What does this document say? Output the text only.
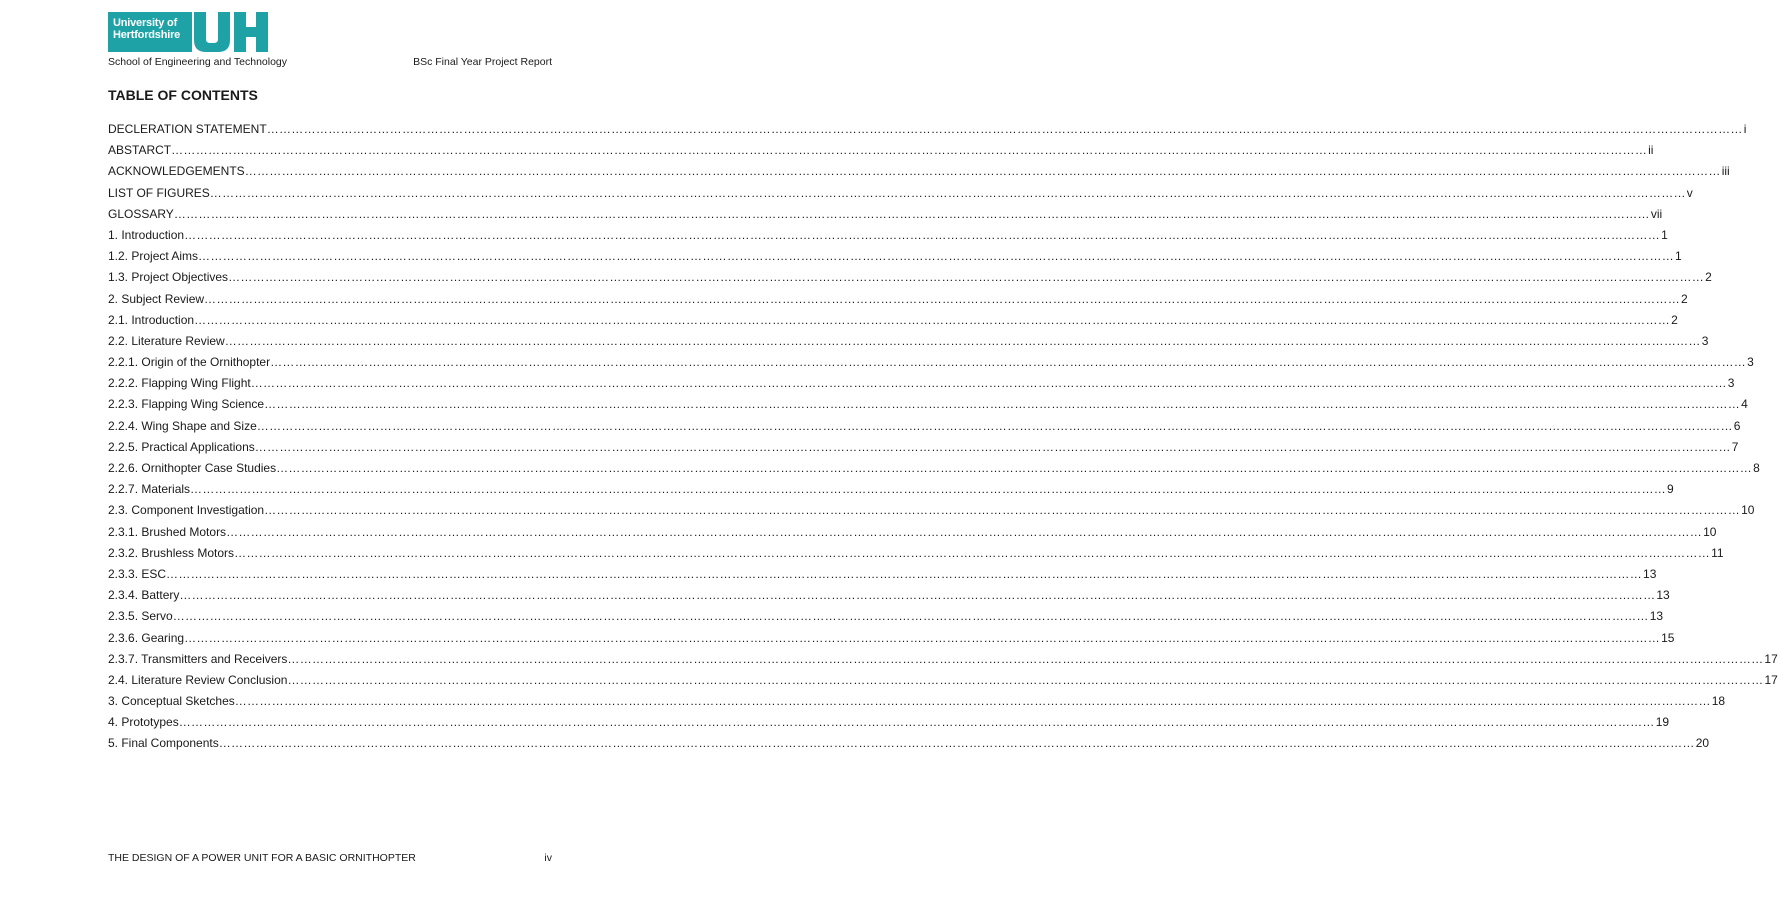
University of
Hertfordshire
School of Engineering and Technology	BSc Final Year Project Report
TABLE OF CONTENTS
DECLERATION STATEMENT ……………………………………………………………………………………………………………………………………………………………………………………………………………………………………………………………………………………………………………………………… i
ABSTARCT ……………………………………………………………………………………………………………………………………………………………………………………………………………………………………………………………………………………………………………………………… ii
ACKNOWLEDGEMENTS ……………………………………………………………………………………………………………………………………………………………………………………………………………………………………………………………………………………………………………………………… iii
LIST OF FIGURES ……………………………………………………………………………………………………………………………………………………………………………………………………………………………………………………………………………………………………………………………… v
GLOSSARY ……………………………………………………………………………………………………………………………………………………………………………………………………………………………………………………………………………………………………………………………… vii
1. Introduction ……………………………………………………………………………………………………………………………………………………………………………………………………………………………………………………………………………………………………………………………… 1
1.2. Project Aims ……………………………………………………………………………………………………………………………………………………………………………………………………………………………………………………………………………………………………………………………… 1
1.3. Project Objectives ……………………………………………………………………………………………………………………………………………………………………………………………………………………………………………………………………………………………………………………………… 2
2. Subject Review ……………………………………………………………………………………………………………………………………………………………………………………………………………………………………………………………………………………………………………………………… 2
2.1. Introduction ……………………………………………………………………………………………………………………………………………………………………………………………………………………………………………………………………………………………………………………………… 2
2.2. Literature Review ……………………………………………………………………………………………………………………………………………………………………………………………………………………………………………………………………………………………………………………………… 3
2.2.1. Origin of the Ornithopter ……………………………………………………………………………………………………………………………………………………………………………………………………………………………………………………………………………………………………………………………… 3
2.2.2. Flapping Wing Flight ……………………………………………………………………………………………………………………………………………………………………………………………………………………………………………………………………………………………………………………………… 3
2.2.3. Flapping Wing Science ……………………………………………………………………………………………………………………………………………………………………………………………………………………………………………………………………………………………………………………………… 4
2.2.4. Wing Shape and Size ……………………………………………………………………………………………………………………………………………………………………………………………………………………………………………………………………………………………………………………………… 6
2.2.5. Practical Applications ……………………………………………………………………………………………………………………………………………………………………………………………………………………………………………………………………………………………………………………………… 7
2.2.6. Ornithopter Case Studies ……………………………………………………………………………………………………………………………………………………………………………………………………………………………………………………………………………………………………………………………… 8
2.2.7. Materials ……………………………………………………………………………………………………………………………………………………………………………………………………………………………………………………………………………………………………………………………… 9
2.3. Component Investigation ……………………………………………………………………………………………………………………………………………………………………………………………………………………………………………………………………………………………………………………………… 10
2.3.1. Brushed Motors ……………………………………………………………………………………………………………………………………………………………………………………………………………………………………………………………………………………………………………………………… 10
2.3.2. Brushless Motors ……………………………………………………………………………………………………………………………………………………………………………………………………………………………………………………………………………………………………………………………… 11
2.3.3. ESC ……………………………………………………………………………………………………………………………………………………………………………………………………………………………………………………………………………………………………………………………… 13
2.3.4. Battery ……………………………………………………………………………………………………………………………………………………………………………………………………………………………………………………………………………………………………………………………… 13
2.3.5. Servo ……………………………………………………………………………………………………………………………………………………………………………………………………………………………………………………………………………………………………………………………… 13
2.3.6. Gearing ……………………………………………………………………………………………………………………………………………………………………………………………………………………………………………………………………………………………………………………………… 15
2.3.7. Transmitters and Receivers ……………………………………………………………………………………………………………………………………………………………………………………………………………………………………………………………………………………………………………………………… 17
2.4. Literature Review Conclusion ……………………………………………………………………………………………………………………………………………………………………………………………………………………………………………………………………………………………………………………………… 17
3. Conceptual Sketches ……………………………………………………………………………………………………………………………………………………………………………………………………………………………………………………………………………………………………………………………… 18
4. Prototypes ……………………………………………………………………………………………………………………………………………………………………………………………………………………………………………………………………………………………………………………………… 19
5. Final Components ……………………………………………………………………………………………………………………………………………………………………………………………………………………………………………………………………………………………………………………………… 20
THE DESIGN OF A POWER UNIT FOR A BASIC ORNITHOPTER	iv
